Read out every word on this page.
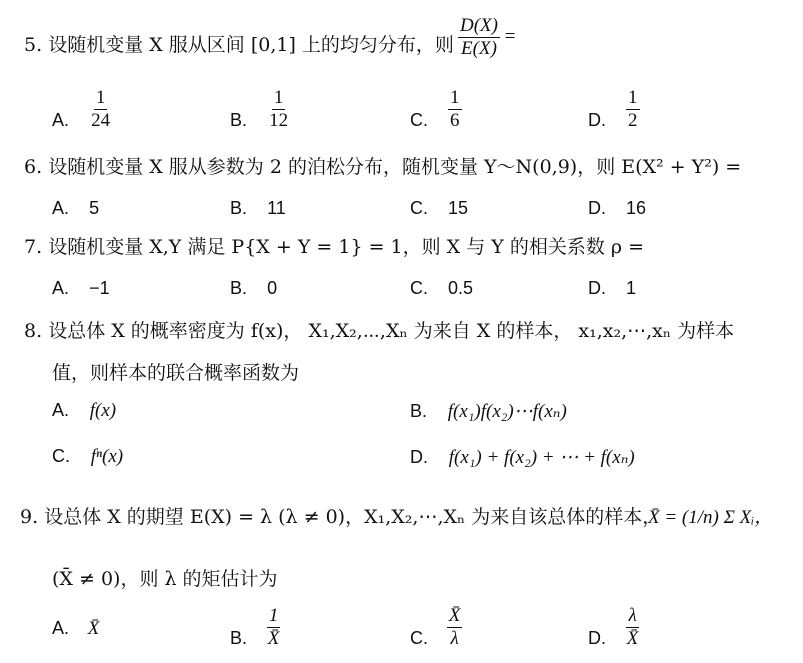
5. 设随机变量 X 服从区间 [0,1] 上的均匀分布，则 $\frac{D(X)}{E(X)}$ =
A. $\frac{1}{24}$	B. $\frac{1}{12}$	C. $\frac{1}{6}$	D. $\frac{1}{2}$
6. 设随机变量 X 服从参数为 2 的泊松分布，随机变量 Y～N(0,9)，则 E(X² + Y²) =
A. 5	B. 11	C. 15	D. 16
7. 设随机变量 X,Y 满足 P{X + Y = 1} = 1，则 X 与 Y 的相关系数 ρ =
A. −1	B. 0	C. 0.5	D. 1
8. 设总体 X 的概率密度为 f(x)， X₁,X₂,⋯,Xₙ 为来自 X 的样本， x₁,x₂,⋯,xₙ 为样本
值，则样本的联合概率函数为
A. f(x)	B. f(x₁)f(x₂)⋯f(xₙ)
C. fⁿ(x)	D. f(x₁) + f(x₂) + ⋯ + f(xₙ)
9. 设总体 X 的期望 E(X) = λ (λ ≠ 0)，X₁,X₂,⋯,Xₙ 为来自该总体的样本，
X̄ = (1/n) Σ Xᵢ，
(X̄ ≠ 0)，则 λ 的矩估计为
A. X̄	B. $\frac{1}{X̄}$	C. $\frac{X̄}{\lambda}$	D. $\frac{\lambda}{X̄}$
